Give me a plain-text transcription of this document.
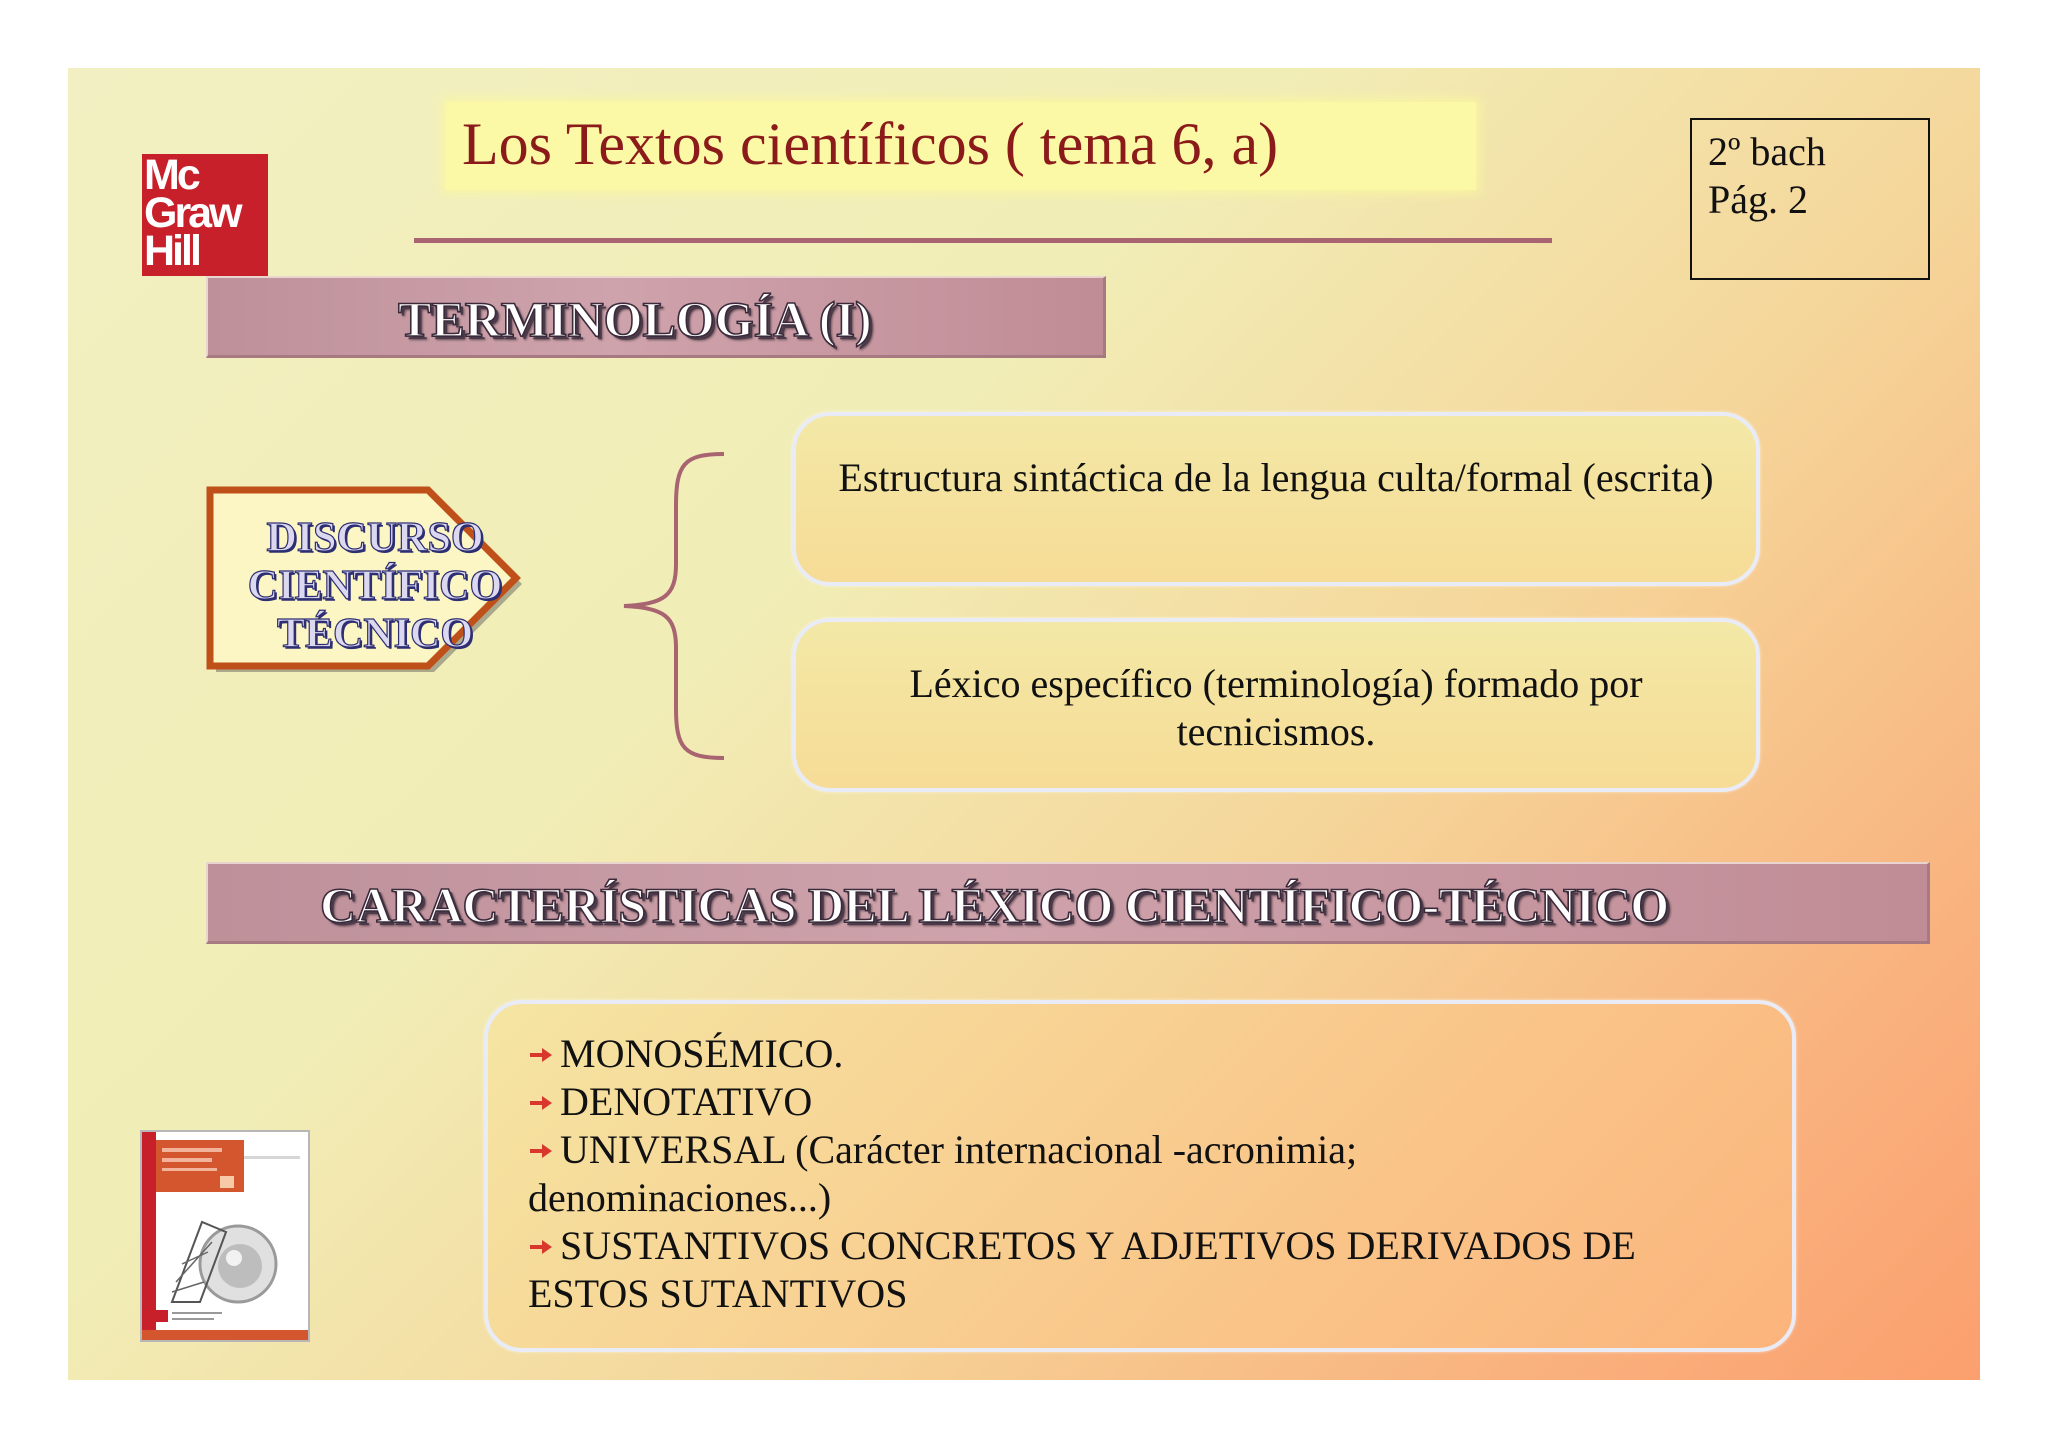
Mc
Graw
Hill
Los Textos científicos ( tema 6, a)	2º bach
Pág. 2
TERMINOLOGÍA (I)
DISCURSO
CIENTÍFICO
TÉCNICO
Estructura sintáctica de la lengua culta/formal (escrita)
Léxico específico (terminología) formado por tecnicismos.
CARACTERÍSTICAS DEL LÉXICO CIENTÍFICO-TÉCNICO
MONOSÉMICO.
DENOTATIVO
UNIVERSAL (Carácter internacional -acronimia;
denominaciones...)
SUSTANTIVOS CONCRETOS Y ADJETIVOS DERIVADOS DE
ESTOS SUTANTIVOS
